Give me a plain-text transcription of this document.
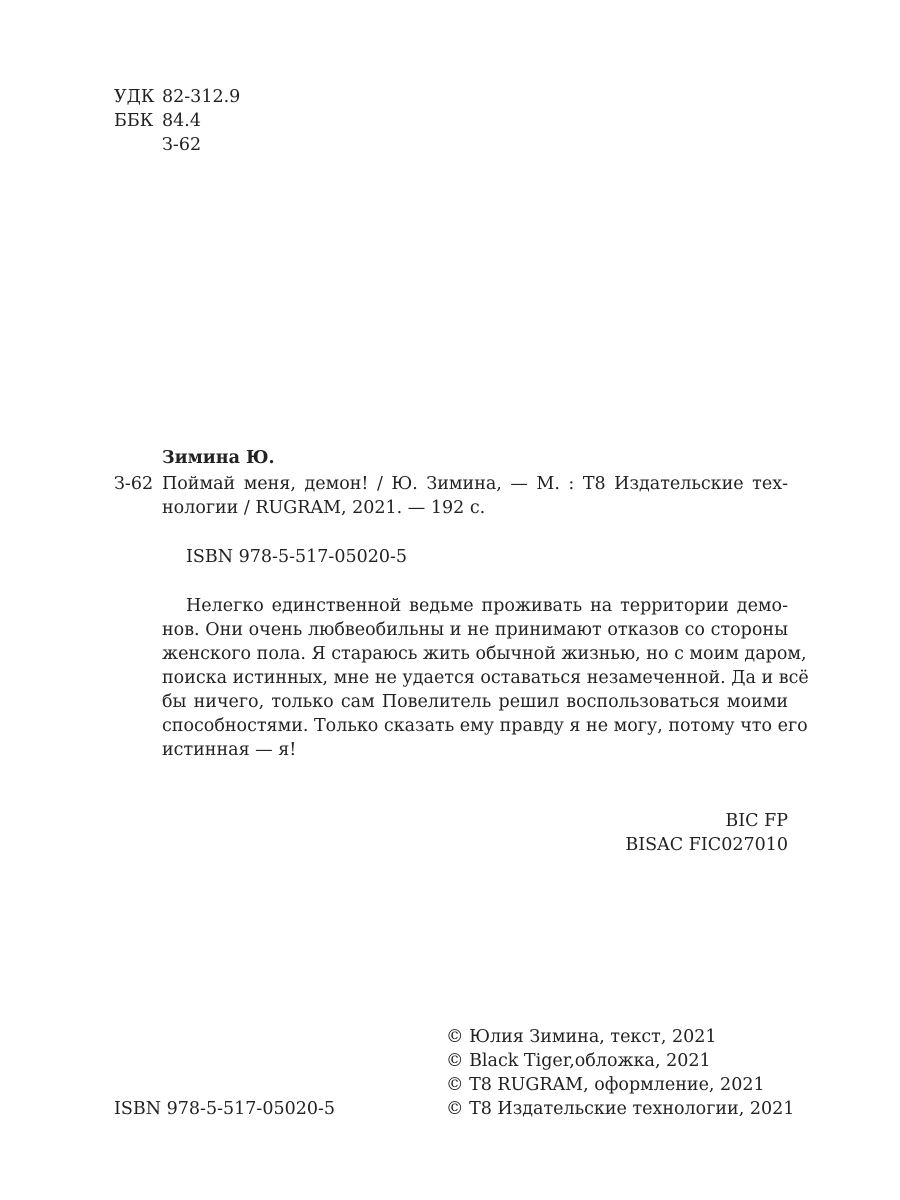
УДК 82-312.9
ББК 84.4
З-62
Зимина Ю.
З-62 Поймай меня, демон! / Ю. Зимина, — М. : T8 Издательские тех-
нологии / RUGRAM, 2021. — 192 с.
ISBN 978-5-517-05020-5
Нелегко единственной ведьме проживать на территории демо-
нов. Они очень любвеобильны и не принимают отказов со стороны
женского пола. Я стараюсь жить обычной жизнью, но с моим даром,
поиска истинных, мне не удается оставаться незамеченной. Да и всё
бы ничего, только сам Повелитель решил воспользоваться моими
способностями. Только сказать ему правду я не могу, потому что его
истинная — я!
BIC FP
BISAC FIC027010
© Юлия Зимина, текст, 2021
© Black Tiger,обложка, 2021
© T8 RUGRAM, оформление, 2021
© T8 Издательские технологии, 2021
ISBN 978-5-517-05020-5
